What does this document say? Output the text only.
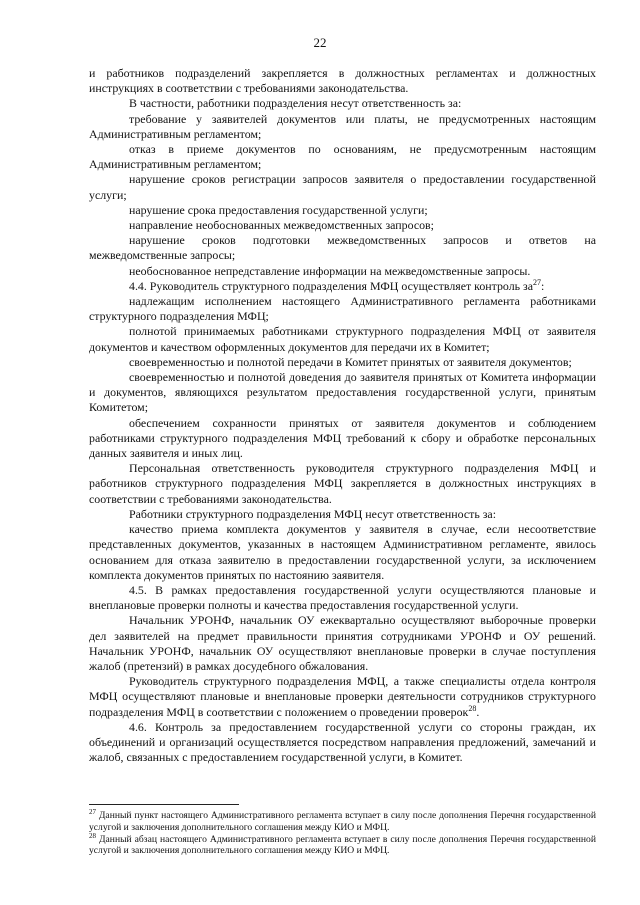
22

и работников подразделений закрепляется в должностных регламентах и должностных инструкциях в соответствии с требованиями законодательства.

В частности, работники подразделения несут ответственность за:

требование у заявителей документов или платы, не предусмотренных настоящим Административным регламентом;

отказ в приеме документов по основаниям, не предусмотренным настоящим Административным регламентом;

нарушение сроков регистрации запросов заявителя о предоставлении государственной услуги;

нарушение срока предоставления государственной услуги;

направление необоснованных межведомственных запросов;

нарушение сроков подготовки межведомственных запросов и ответов на межведомственные запросы;

необоснованное непредставление информации на межведомственные запросы.

4.4. Руководитель структурного подразделения МФЦ осуществляет контроль $за^{27}$:

надлежащим исполнением настоящего Административного регламента работниками структурного подразделения МФЦ;

полнотой принимаемых работниками структурного подразделения МФЦ от заявителя документов и качеством оформленных документов для передачи их в Комитет;

своевременностью и полнотой передачи в Комитет принятых от заявителя документов;

своевременностью и полнотой доведения до заявителя принятых от Комитета информации и документов, являющихся результатом предоставления государственной услуги, принятым Комитетом;

обеспечением сохранности принятых от заявителя документов и соблюдением работниками структурного подразделения МФЦ требований к сбору и обработке персональных данных заявителя и иных лиц.

Персональная ответственность руководителя структурного подразделения МФЦ и работников структурного подразделения МФЦ закрепляется в должностных инструкциях в соответствии с требованиями законодательства.

Работники структурного подразделения МФЦ несут ответственность за:

качество приема комплекта документов у заявителя в случае, если несоответствие представленных документов, указанных в настоящем Административном регламенте, явилось основанием для отказа заявителю в предоставлении государственной услуги, за исключением комплекта документов принятых по настоянию заявителя.

4.5. В рамках предоставления государственной услуги осуществляются плановые и внеплановые проверки полноты и качества предоставления государственной услуги.

Начальник УРОНФ, начальник ОУ ежеквартально осуществляют выборочные проверки дел заявителей на предмет правильности принятия сотрудниками УРОНФ и ОУ решений. Начальник УРОНФ, начальник ОУ осуществляют внеплановые проверки в случае поступления жалоб (претензий) в рамках досудебного обжалования.

Руководитель структурного подразделения МФЦ, а также специалисты отдела контроля МФЦ осуществляют плановые и внеплановые проверки деятельности сотрудников структурного подразделения МФЦ в соответствии с положением о проведении проверок$^{28}$.

4.6. Контроль за предоставлением государственной услуги со стороны граждан, их объединений и организаций осуществляется посредством направления предложений, замечаний и жалоб, связанных с предоставлением государственной услуги, в Комитет.

$^{27}$ Данный пункт настоящего Административного регламента вступает в силу после дополнения Перечня государственной услугой и заключения дополнительного соглашения между КИО и МФЦ.

$^{28}$ Данный абзац настоящего Административного регламента вступает в силу после дополнения Перечня государственной услугой и заключения дополнительного соглашения между КИО и МФЦ.
